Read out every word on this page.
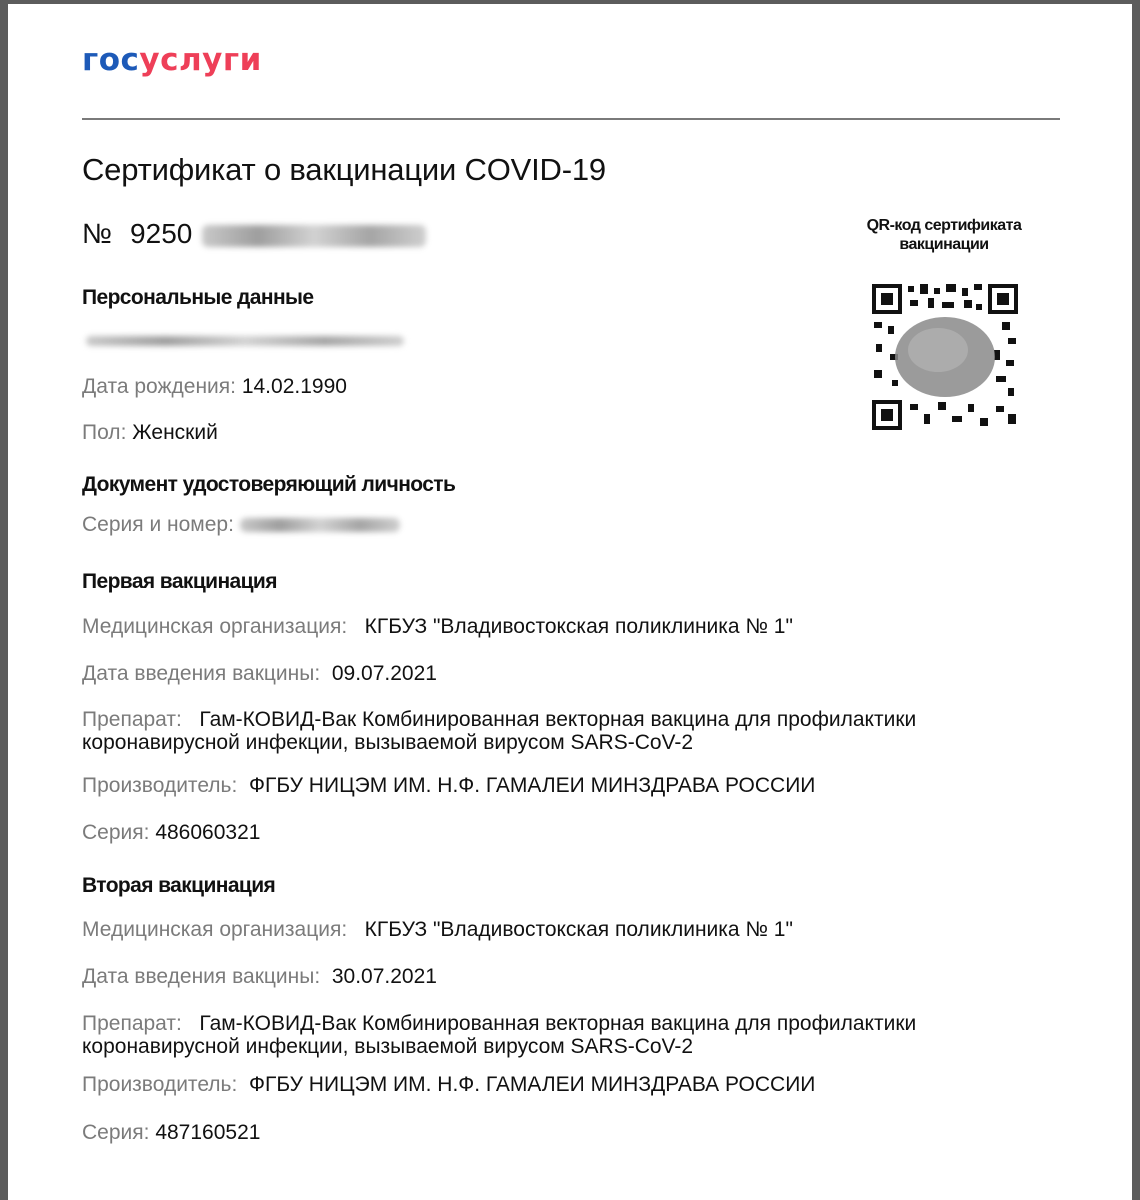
госуслуги
Сертификат о вакцинации COVID-19
№ 9250	QR-код сертификата вакцинации
Персональные данные
Дата рождения: 14.02.1990
Пол: Женский
Документ удостоверяющий личность
Серия и номер:
Первая вакцинация
Медицинская организация: КГБУЗ "Владивостокская поликлиника № 1"
Дата введения вакцины: 09.07.2021
Препарат: Гам-КОВИД-Вак Комбинированная векторная вакцина для профилактики
коронавирусной инфекции, вызываемой вирусом SARS-CoV-2
Производитель: ФГБУ НИЦЭМ ИМ. Н.Ф. ГАМАЛЕИ МИНЗДРАВА РОССИИ
Серия: 486060321
Вторая вакцинация
Медицинская организация: КГБУЗ "Владивостокская поликлиника № 1"
Дата введения вакцины: 30.07.2021
Препарат: Гам-КОВИД-Вак Комбинированная векторная вакцина для профилактики
коронавирусной инфекции, вызываемой вирусом SARS-CoV-2
Производитель: ФГБУ НИЦЭМ ИМ. Н.Ф. ГАМАЛЕИ МИНЗДРАВА РОССИИ
Серия: 487160521
